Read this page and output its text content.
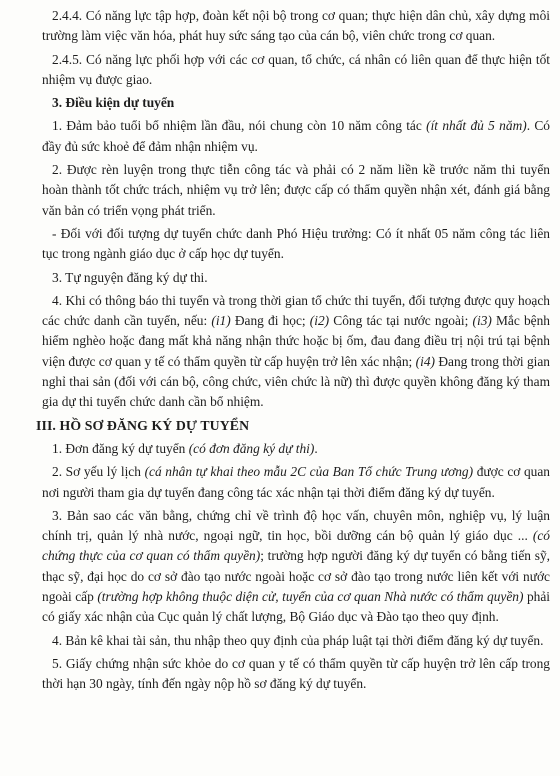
2.4.4. Có năng lực tập hợp, đoàn kết nội bộ trong cơ quan; thực hiện dân chủ, xây dựng môi trường làm việc văn hóa, phát huy sức sáng tạo của cán bộ, viên chức trong cơ quan.

2.4.5. Có năng lực phối hợp với các cơ quan, tổ chức, cá nhân có liên quan để thực hiện tốt nhiệm vụ được giao.

3. Điều kiện dự tuyển

1. Đảm bảo tuổi bổ nhiệm lần đầu, nói chung còn 10 năm công tác (ít nhất đủ 5 năm). Có đầy đủ sức khoẻ để đảm nhận nhiệm vụ.

2. Được rèn luyện trong thực tiễn công tác và phải có 2 năm liền kề trước năm thi tuyển hoàn thành tốt chức trách, nhiệm vụ trở lên; được cấp có thẩm quyền nhận xét, đánh giá bằng văn bản có triển vọng phát triển.

- Đối với đối tượng dự tuyển chức danh Phó Hiệu trưởng: Có ít nhất 05 năm công tác liên tục trong ngành giáo dục ở cấp học dự tuyển.

3. Tự nguyện đăng ký dự thi.

4. Khi có thông báo thi tuyển và trong thời gian tổ chức thi tuyển, đối tượng được quy hoạch các chức danh cần tuyển, nếu: (i1) Đang đi học; (i2) Công tác tại nước ngoài; (i3) Mắc bệnh hiểm nghèo hoặc đang mất khả năng nhận thức hoặc bị ốm, đau đang điều trị nội trú tại bệnh viện được cơ quan y tế có thẩm quyền từ cấp huyện trở lên xác nhận; (i4) Đang trong thời gian nghỉ thai sản (đối với cán bộ, công chức, viên chức là nữ) thì được quyền không đăng ký tham gia dự thi tuyển chức danh cần bổ nhiệm.

III. HỒ SƠ ĐĂNG KÝ DỰ TUYỂN

1. Đơn đăng ký dự tuyển (có đơn đăng ký dự thi).

2. Sơ yếu lý lịch (cá nhân tự khai theo mẫu 2C của Ban Tổ chức Trung ương) được cơ quan nơi người tham gia dự tuyển đang công tác xác nhận tại thời điểm đăng ký dự tuyển.

3. Bản sao các văn bằng, chứng chỉ về trình độ học vấn, chuyên môn, nghiệp vụ, lý luận chính trị, quản lý nhà nước, ngoại ngữ, tin học, bồi dưỡng cán bộ quản lý giáo dục ... (có chứng thực của cơ quan có thẩm quyền); trường hợp người đăng ký dự tuyển có bằng tiến sỹ, thạc sỹ, đại học do cơ sở đào tạo nước ngoài hoặc cơ sở đào tạo trong nước liên kết với nước ngoài cấp (trường hợp không thuộc diện cử, tuyển của cơ quan Nhà nước có thẩm quyền) phải có giấy xác nhận của Cục quản lý chất lượng, Bộ Giáo dục và Đào tạo theo quy định.

4. Bản kê khai tài sản, thu nhập theo quy định của pháp luật tại thời điểm đăng ký dự tuyển.

5. Giấy chứng nhận sức khỏe do cơ quan y tế có thẩm quyền từ cấp huyện trở lên cấp trong thời hạn 30 ngày, tính đến ngày nộp hồ sơ đăng ký dự tuyển.
